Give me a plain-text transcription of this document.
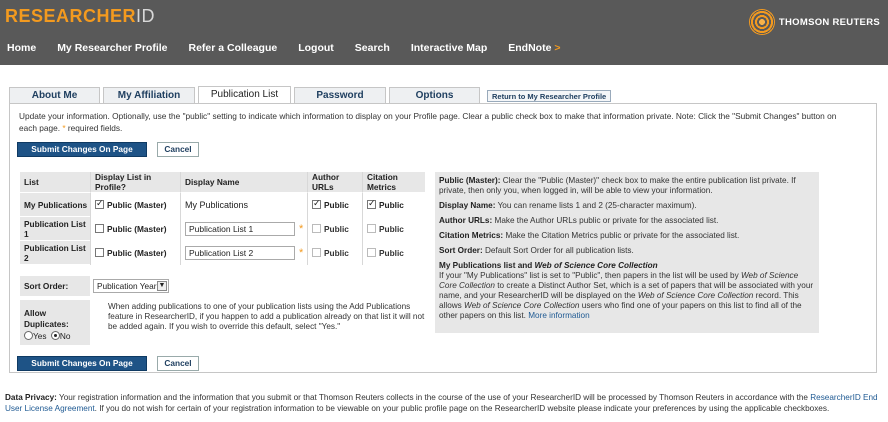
RESEARCHERID	THOMSON REUTERS
Home My Researcher Profile Refer a Colleague Logout Search Interactive Map EndNote >
About Me	My Affiliation	Publication List	Password	Options	Return to My Researcher Profile
Update your information. Optionally, use the "public" setting to indicate which information to display on your Profile page. Clear a public check box to make that information private. Note: Click the "Submit Changes" button on each page. * required fields.
Submit Changes On Page	Cancel
List	Display List in Profile?	Display Name	Author URLs	Citation Metrics
My Publications	✓Public (Master)	My Publications	✓Public	✓Public
Publication List 1	Public (Master)	Publication List 1 *	Public	Public
Publication List 2	Public (Master)	Publication List 2 *	Public	Public
Sort Order:	Publication Year ▼
Allow Duplicates:
Yes No
When adding publications to one of your publication lists using the Add Publications feature in ResearcherID, if you happen to add a publication already on that list it will not be added again. If you wish to override this default, select "Yes."
Submit Changes On Page	Cancel

Public (Master): Clear the "Public (Master)" check box to make the entire publication list private. If private, then only you, when logged in, will be able to view your information.

Display Name: You can rename lists 1 and 2 (25-character maximum).

Author URLs: Make the Author URLs public or private for the associated list.

Citation Metrics: Make the Citation Metrics public or private for the associated list.

Sort Order: Default Sort Order for all publication lists.

My Publications list and Web of Science Core Collection
If your "My Publications" list is set to "Public", then papers in the list will be used by Web of Science Core Collection to create a Distinct Author Set, which is a set of papers that will be associated with your name, and your ResearcherID will be displayed on the Web of Science Core Collection record. This allows Web of Science Core Collection users who find one of your papers on this list to find all of the other papers on this list. More information

Data Privacy: Your registration information and the information that you submit or that Thomson Reuters collects in the course of the use of your ResearcherID will be processed by Thomson Reuters in accordance with the ResearcherID End User License Agreement. If you do not wish for certain of your registration information to be viewable on your public profile page on the ResearcherID website please indicate your preferences by using the applicable checkboxes.
